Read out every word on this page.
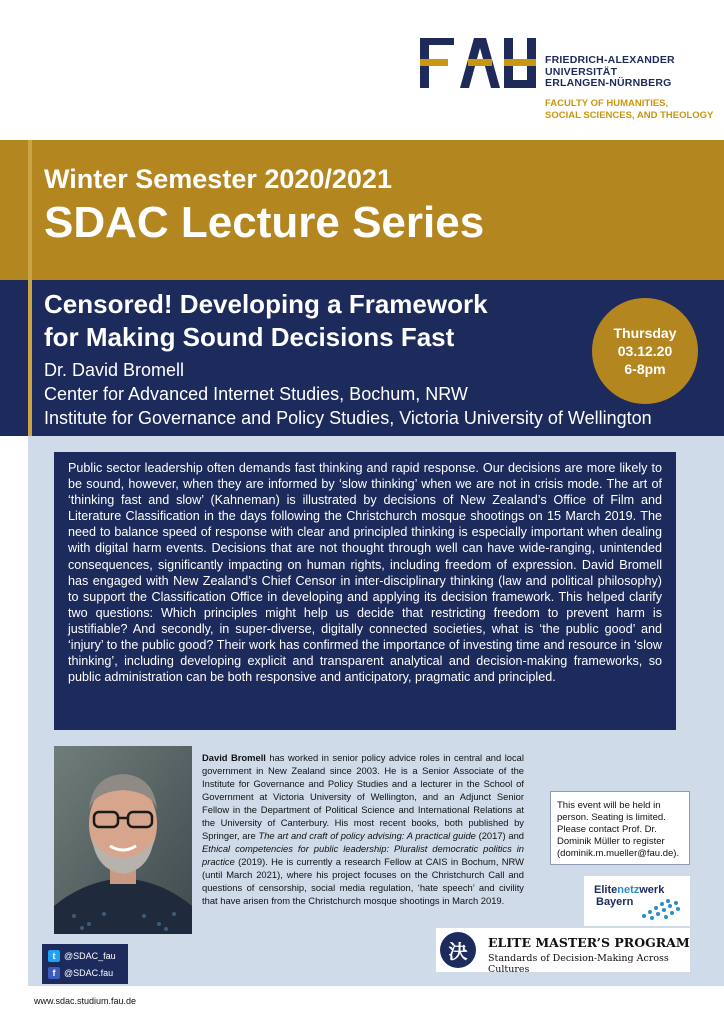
FRIEDRICH-ALEXANDER
UNIVERSITÄT
ERLANGEN-NÜRNBERG
FACULTY OF HUMANITIES,
SOCIAL SCIENCES, AND THEOLOGY
Winter Semester 2020/2021
SDAC Lecture Series
Censored! Developing a Framework
for Making Sound Decisions Fast
Dr. David Bromell
Center for Advanced Internet Studies, Bochum, NRW
Institute for Governance and Policy Studies, Victoria University of Wellington
Thursday
03.12.20
6-8pm

Public sector leadership often demands fast thinking and rapid response. Our decisions are more likely to be sound, however, when they are informed by ‘slow thinking’ when we are not in crisis mode. The art of ‘thinking fast and slow’ (Kahneman) is illustrated by decisions of New Zealand’s Office of Film and Literature Classification in the days following the Christchurch mosque shootings on 15 March 2019. The need to balance speed of response with clear and principled thinking is especially important when dealing with digital harm events. Decisions that are not thought through well can have wide-ranging, unintended consequences, significantly impacting on human rights, including freedom of expression. David Bromell has engaged with New Zealand’s Chief Censor in inter-disciplinary thinking (law and political philosophy) to support the Classification Office in developing and applying its decision framework. This helped clarify two questions: Which principles might help us decide that restricting freedom to prevent harm is justifiable? And secondly, in super-diverse, digitally connected societies, what is ‘the public good’ and ‘injury’ to the public good? Their work has confirmed the importance of investing time and resource in ‘slow thinking’, including developing explicit and transparent analytical and decision-making frameworks, so public administration can be both responsive and anticipatory, pragmatic and principled.

David Bromell has worked in senior policy advice roles in central and local government in New Zealand since 2003. He is a Senior Associate of the Institute for Governance and Policy Studies and a lecturer in the School of Government at Victoria University of Wellington, and an Adjunct Senior Fellow in the Department of Political Science and International Relations at the University of Canterbury. His most recent books, both published by Springer, are The art and craft of policy advising: A practical guide (2017) and Ethical competencies for public leadership: Pluralist democratic politics in practice (2019). He is currently a research Fellow at CAIS in Bochum, NRW (until March 2021), where his project focuses on the Christchurch Call and questions of censorship, social media regulation, ‘hate speech’ and civility that have arisen from the Christchurch mosque shootings in March 2019.

This event will be held in person. Seating is limited. Please contact Prof. Dr. Dominik Müller to register (dominik.m.mueller@fau.de).
Elitenetzwerk
Bayern
決	ELITE MASTER’S PROGRAM
Standards of Decision-Making Across Cultures
t @SDAC_fau
f @SDAC.fau
www.sdac.studium.fau.de
